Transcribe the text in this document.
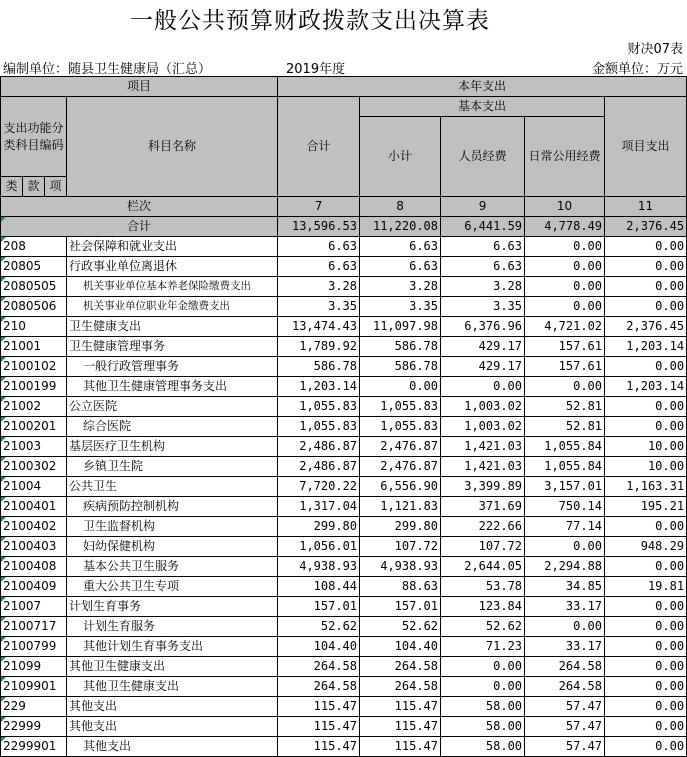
一般公共预算财政拨款支出决算表
财决07表
编制单位：随县卫生健康局（汇总）	2019年度	金额单位：万元
项目				本年支出				
支出功能分类科目编码			科目名称	合计	基本支出			项目支出
					小计	人员经费	日常公用经费	

类	款	项						
栏次				7	8	9	10	11
合计				13,596.53	11,220.08	6,441.59	4,778.49	2,376.45
208			社会保障和就业支出	6.63	6.63	6.63	0.00	0.00
20805			行政事业单位离退休	6.63	6.63	6.63	0.00	0.00
2080505			机关事业单位基本养老保险缴费支出	3.28	3.28	3.28	0.00	0.00
2080506			机关事业单位职业年金缴费支出	3.35	3.35	3.35	0.00	0.00
210			卫生健康支出	13,474.43	11,097.98	6,376.96	4,721.02	2,376.45
21001			卫生健康管理事务	1,789.92	586.78	429.17	157.61	1,203.14
2100102			一般行政管理事务	586.78	586.78	429.17	157.61	0.00
2100199			其他卫生健康管理事务支出	1,203.14	0.00	0.00	0.00	1,203.14
21002			公立医院	1,055.83	1,055.83	1,003.02	52.81	0.00
2100201			综合医院	1,055.83	1,055.83	1,003.02	52.81	0.00
21003			基层医疗卫生机构	2,486.87	2,476.87	1,421.03	1,055.84	10.00
2100302			乡镇卫生院	2,486.87	2,476.87	1,421.03	1,055.84	10.00
21004			公共卫生	7,720.22	6,556.90	3,399.89	3,157.01	1,163.31
2100401			疾病预防控制机构	1,317.04	1,121.83	371.69	750.14	195.21
2100402			卫生监督机构	299.80	299.80	222.66	77.14	0.00
2100403			妇幼保健机构	1,056.01	107.72	107.72	0.00	948.29
2100408			基本公共卫生服务	4,938.93	4,938.93	2,644.05	2,294.88	0.00
2100409			重大公共卫生专项	108.44	88.63	53.78	34.85	19.81
21007			计划生育事务	157.01	157.01	123.84	33.17	0.00
2100717			计划生育服务	52.62	52.62	52.62	0.00	0.00
2100799			其他计划生育事务支出	104.40	104.40	71.23	33.17	0.00
21099			其他卫生健康支出	264.58	264.58	0.00	264.58	0.00
2109901			其他卫生健康支出	264.58	264.58	0.00	264.58	0.00
229			其他支出	115.47	115.47	58.00	57.47	0.00
22999			其他支出	115.47	115.47	58.00	57.47	0.00
2299901			其他支出	115.47	115.47	58.00	57.47	0.00
